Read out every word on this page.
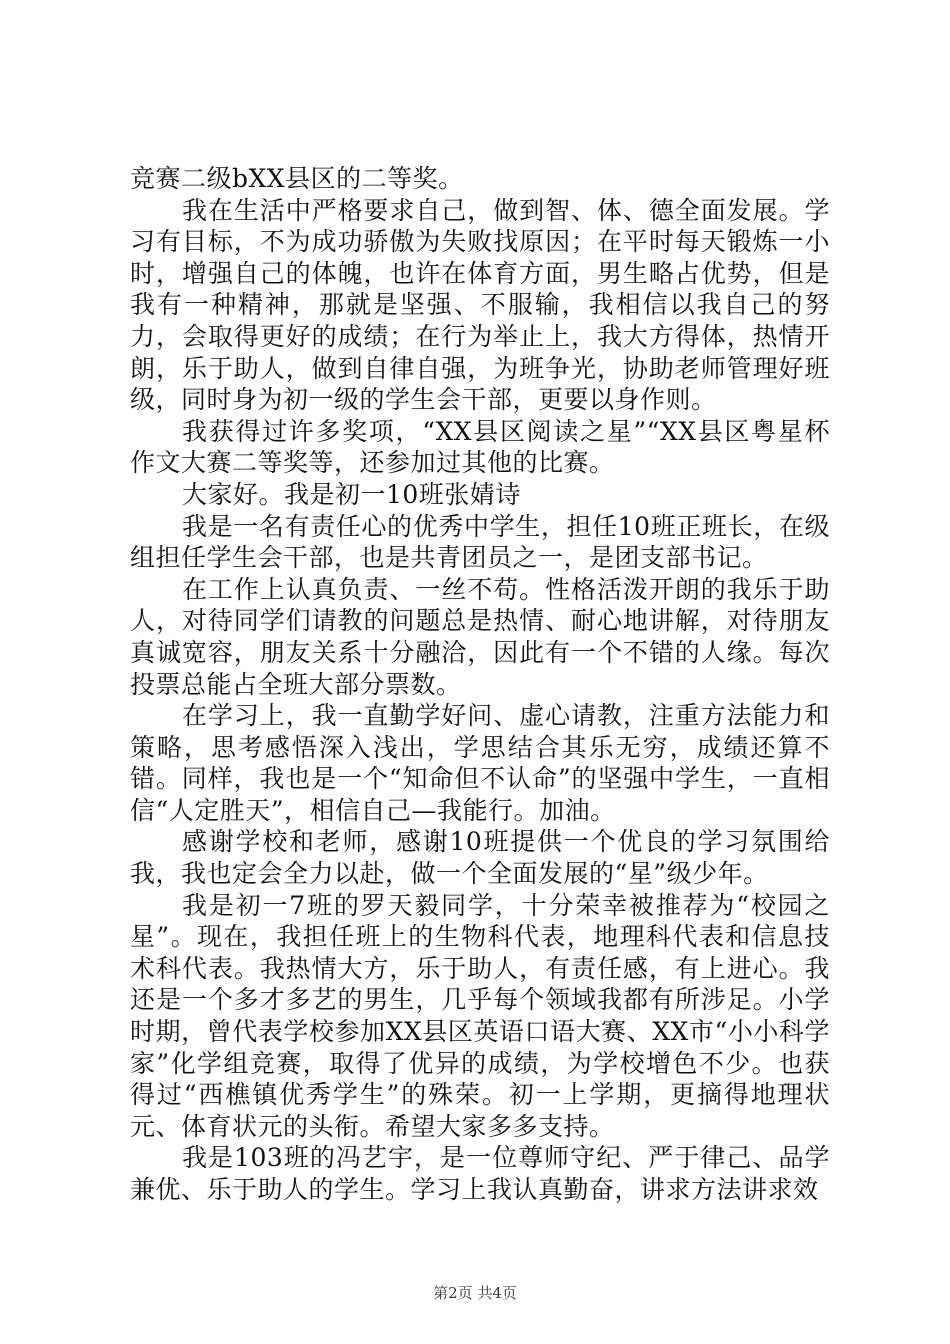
竞赛二级bXX县区的二等奖。

我在生活中严格要求自己，做到智、体、德全面发展。学习有目标，不为成功骄傲为失败找原因；在平时每天锻炼一小时，增强自己的体魄，也许在体育方面，男生略占优势，但是我有一种精神，那就是坚强、不服输，我相信以我自己的努力，会取得更好的成绩；在行为举止上，我大方得体，热情开朗，乐于助人，做到自律自强，为班争光，协助老师管理好班级，同时身为初一级的学生会干部，更要以身作则。

我获得过许多奖项，“XX县区阅读之星”“XX县区粤星杯作文大赛二等奖等，还参加过其他的比赛。

大家好。我是初一10班张婧诗

我是一名有责任心的优秀中学生，担任10班正班长，在级组担任学生会干部，也是共青团员之一，是团支部书记。

在工作上认真负责、一丝不苟。性格活泼开朗的我乐于助人，对待同学们请教的问题总是热情、耐心地讲解，对待朋友真诚宽容，朋友关系十分融洽，因此有一个不错的人缘。每次投票总能占全班大部分票数。

在学习上，我一直勤学好问、虚心请教，注重方法能力和策略，思考感悟深入浅出，学思结合其乐无穷，成绩还算不错。同样，我也是一个“知命但不认命”的坚强中学生，一直相信“人定胜天”，相信自己—我能行。加油。

感谢学校和老师，感谢10班提供一个优良的学习氛围给我，我也定会全力以赴，做一个全面发展的“星”级少年。

我是初一7班的罗天毅同学，十分荣幸被推荐为“校园之星”。现在，我担任班上的生物科代表，地理科代表和信息技术科代表。我热情大方，乐于助人，有责任感，有上进心。我还是一个多才多艺的男生，几乎每个领域我都有所涉足。小学时期，曾代表学校参加XX县区英语口语大赛、XX市“小小科学家”化学组竞赛，取得了优异的成绩，为学校增色不少。也获得过“西樵镇优秀学生”的殊荣。初一上学期，更摘得地理状元、体育状元的头衔。希望大家多多支持。

我是103班的冯艺宇，是一位尊师守纪、严于律己、品学兼优、乐于助人的学生。学习上我认真勤奋，讲求方法讲求效

第2页 共4页
